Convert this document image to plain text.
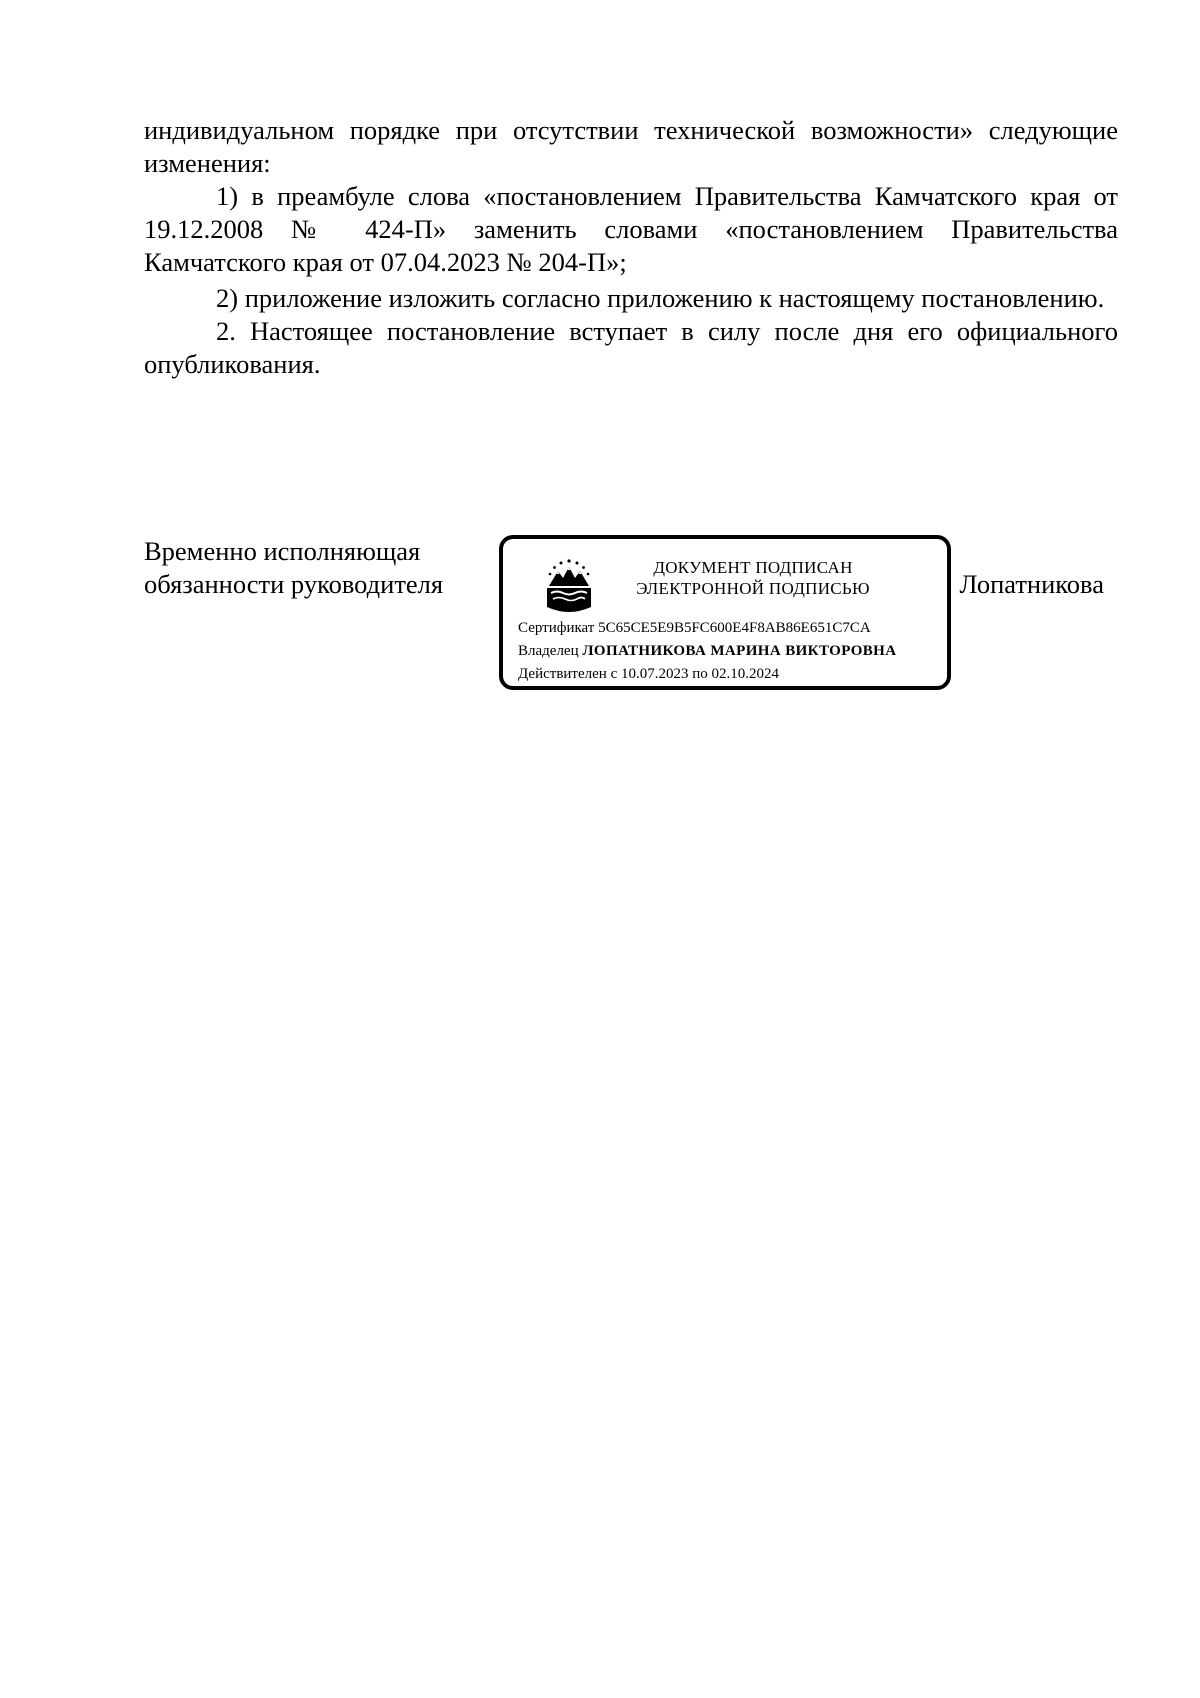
индивидуальном порядке при отсутствии технической возможности» следующие изменения:

1) в преамбуле слова «постановлением Правительства Камчатского края от 19.12.2008 № 424-П» заменить словами «постановлением Правительства Камчатского края от 07.04.2023 № 204-П»;

2) приложение изложить согласно приложению к настоящему постановлению.

2. Настоящее постановление вступает в силу после дня его официального опубликования.

Временно исполняющая
обязанности руководителя	Лопатникова
ДОКУМЕНТ ПОДПИСАН
ЭЛЕКТРОННОЙ ПОДПИСЬЮ
Сертификат 5C65CE5E9B5FC600E4F8AB86E651C7CA
Владелец ЛОПАТНИКОВА МАРИНА ВИКТОРОВНА
Действителен с 10.07.2023 по 02.10.2024
